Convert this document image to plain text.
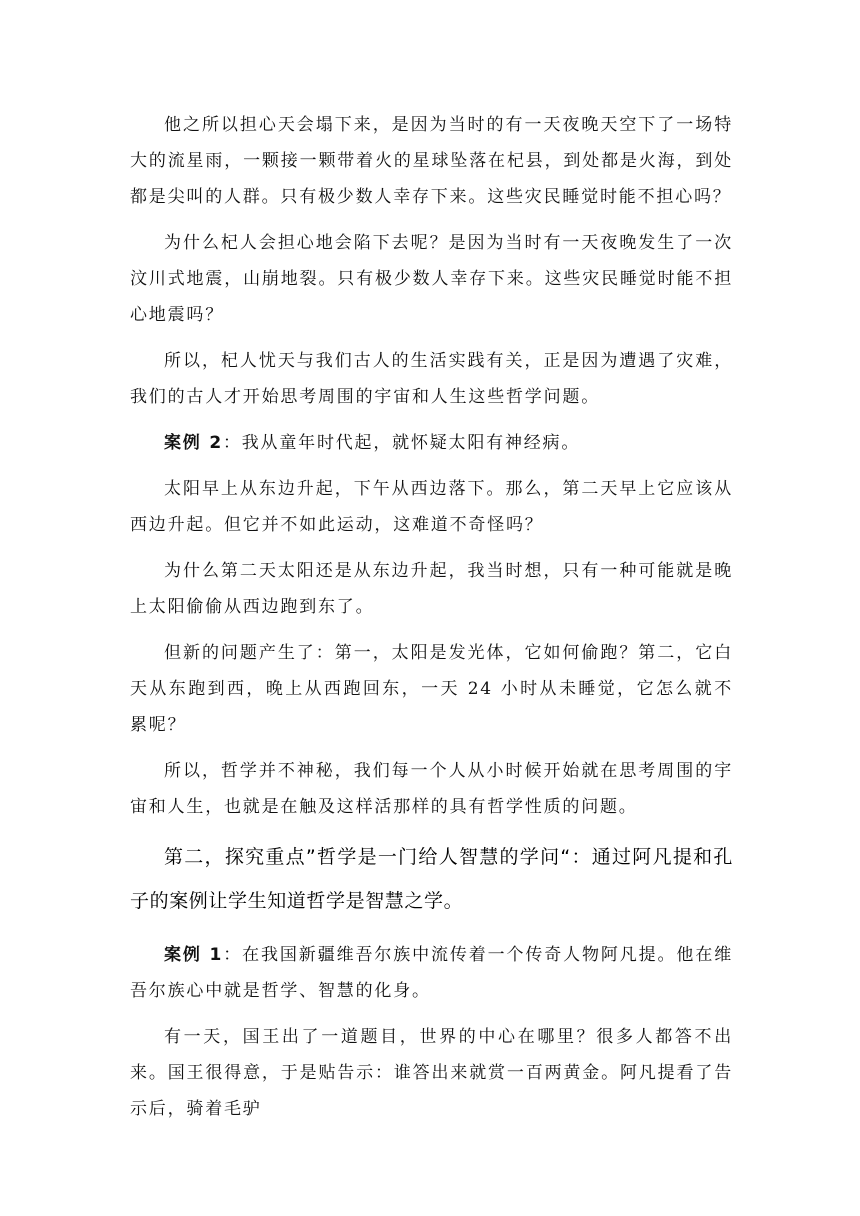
他之所以担心天会塌下来，是因为当时的有一天夜晚天空下了一场特大的流星雨，一颗接一颗带着火的星球坠落在杞县，到处都是火海，到处都是尖叫的人群。只有极少数人幸存下来。这些灾民睡觉时能不担心吗？

为什么杞人会担心地会陷下去呢？是因为当时有一天夜晚发生了一次汶川式地震，山崩地裂。只有极少数人幸存下来。这些灾民睡觉时能不担心地震吗？

所以，杞人忧天与我们古人的生活实践有关，正是因为遭遇了灾难，我们的古人才开始思考周围的宇宙和人生这些哲学问题。

案例 2：我从童年时代起，就怀疑太阳有神经病。

太阳早上从东边升起，下午从西边落下。那么，第二天早上它应该从西边升起。但它并不如此运动，这难道不奇怪吗？

为什么第二天太阳还是从东边升起，我当时想，只有一种可能就是晚上太阳偷偷从西边跑到东了。

但新的问题产生了：第一，太阳是发光体，它如何偷跑？第二，它白天从东跑到西，晚上从西跑回东，一天 24 小时从未睡觉，它怎么就不累呢？

所以，哲学并不神秘，我们每一个人从小时候开始就在思考周围的宇宙和人生，也就是在触及这样活那样的具有哲学性质的问题。

第二，探究重点”哲学是一门给人智慧的学问“：通过阿凡提和孔子的案例让学生知道哲学是智慧之学。

案例 1：在我国新疆维吾尔族中流传着一个传奇人物阿凡提。他在维吾尔族心中就是哲学、智慧的化身。

有一天，国王出了一道题目，世界的中心在哪里？很多人都答不出来。国王很得意，于是贴告示：谁答出来就赏一百两黄金。阿凡提看了告示后，骑着毛驴
